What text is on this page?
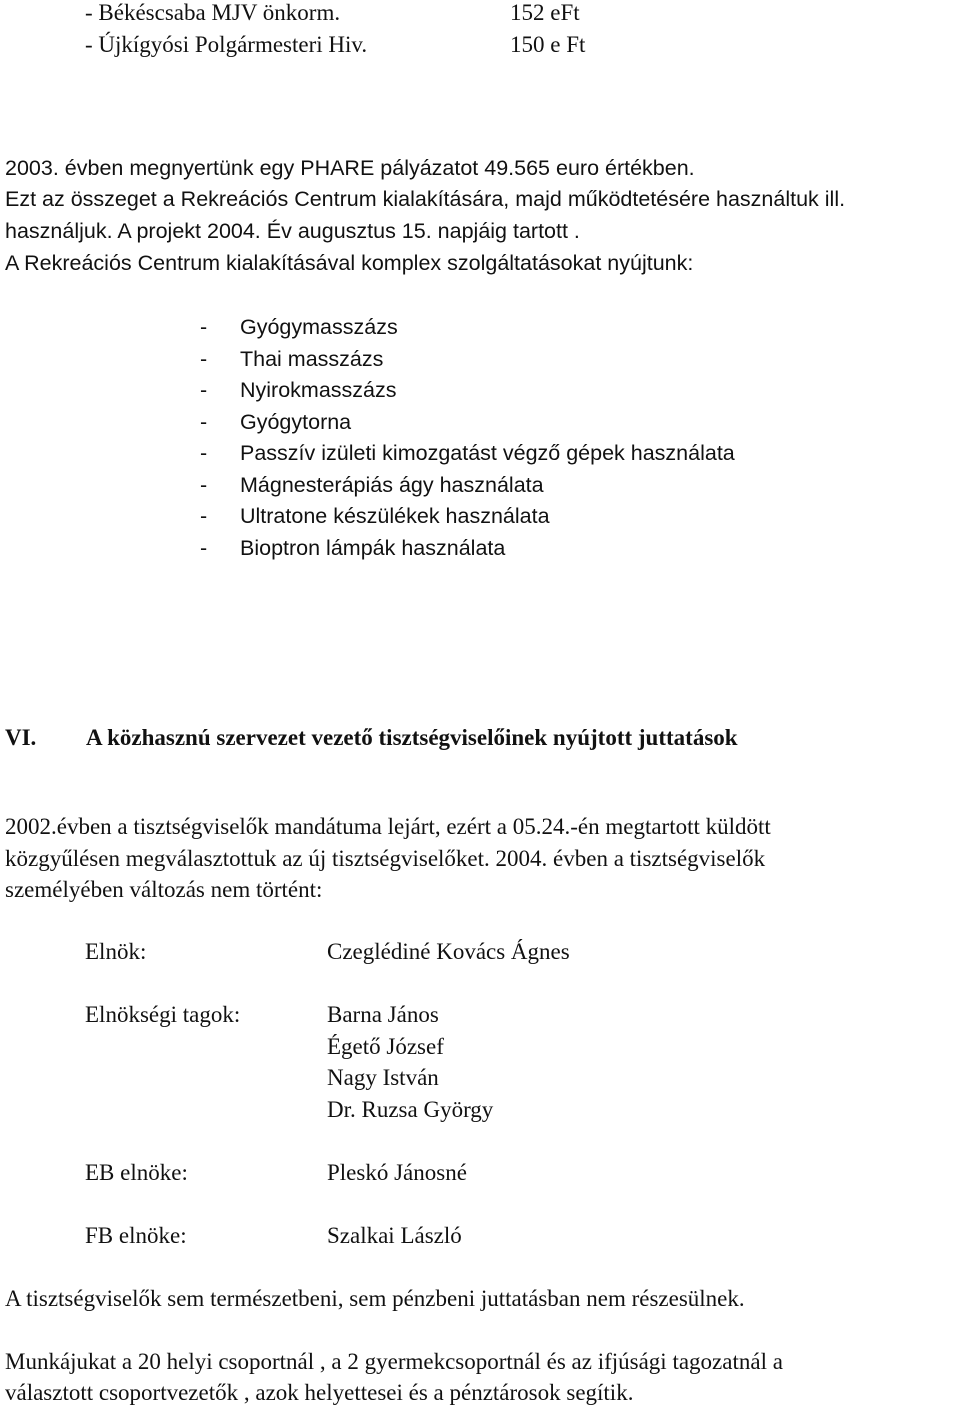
- Békéscsaba MJV önkorm.	152 eFt
- Újkígyósi Polgármesteri Hiv.	150 e Ft
2003. évben megnyertünk egy PHARE pályázatot 49.565 euro értékben.
Ezt az összeget a Rekreációs Centrum kialakítására, majd működtetésére használtuk ill.
használjuk. A projekt 2004. Év augusztus 15. napjáig tartott .
A Rekreációs Centrum kialakításával komplex szolgáltatásokat nyújtunk:
- Gyógymasszázs
- Thai masszázs
- Nyirokmasszázs
- Gyógytorna
- Passzív izületi kimozgatást végző gépek használata
- Mágnesterápiás ágy használata
- Ultratone készülékek használata
- Bioptron lámpák használata
VI. A közhasznú szervezet vezető tisztségviselőinek nyújtott juttatások
2002.évben a tisztségviselők mandátuma lejárt, ezért a 05.24.-én megtartott küldött
közgyűlésen megválasztottuk az új tisztségviselőket. 2004. évben a tisztségviselők
személyében változás nem történt:
Elnök:	Czeglédiné Kovács Ágnes
Elnökségi tagok:	Barna János
Égető József
Nagy István
Dr. Ruzsa György
EB elnöke:	Pleskó Jánosné
FB elnöke:	Szalkai László
A tisztségviselők sem természetbeni, sem pénzbeni juttatásban nem részesülnek.
Munkájukat a 20 helyi csoportnál , a 2 gyermekcsoportnál és az ifjúsági tagozatnál a
választott csoportvezetők , azok helyettesei és a pénztárosok segítik.
